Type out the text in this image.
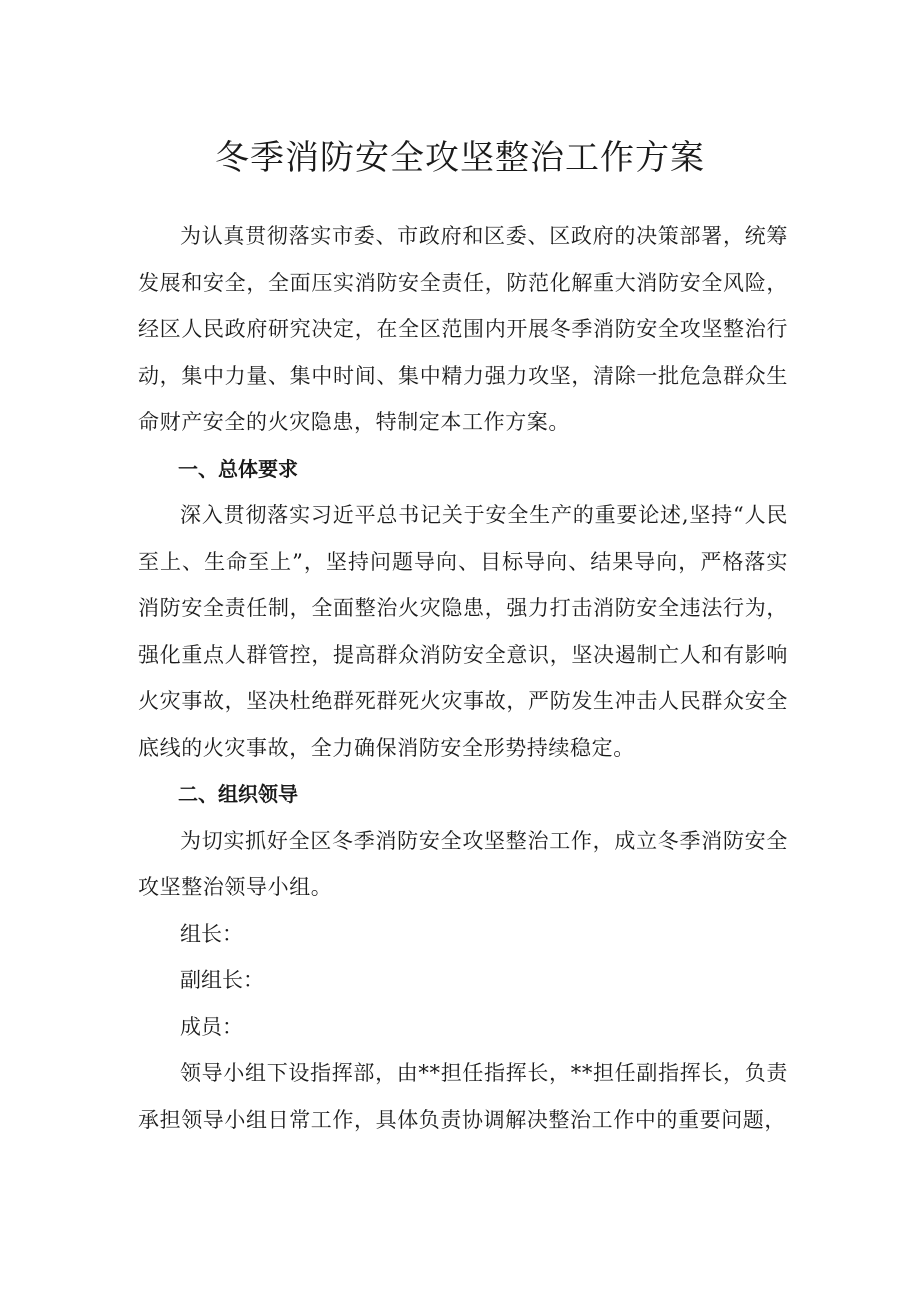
冬季消防安全攻坚整治工作方案

为认真贯彻落实市委、市政府和区委、区政府的决策部署，统筹发展和安全，全面压实消防安全责任，防范化解重大消防安全风险，经区人民政府研究决定，在全区范围内开展冬季消防安全攻坚整治行动，集中力量、集中时间、集中精力强力攻坚，清除一批危急群众生命财产安全的火灾隐患，特制定本工作方案。

一、总体要求

深入贯彻落实习近平总书记关于安全生产的重要论述,坚持“人民至上、生命至上”，坚持问题导向、目标导向、结果导向，严格落实消防安全责任制，全面整治火灾隐患，强力打击消防安全违法行为，强化重点人群管控，提高群众消防安全意识，坚决遏制亡人和有影响火灾事故，坚决杜绝群死群死火灾事故，严防发生冲击人民群众安全底线的火灾事故，全力确保消防安全形势持续稳定。

二、组织领导

为切实抓好全区冬季消防安全攻坚整治工作，成立冬季消防安全攻坚整治领导小组。

组长：

副组长：

成员：

领导小组下设指挥部，由**担任指挥长，**担任副指挥长，负责承担领导小组日常工作，具体负责协调解决整治工作中的重要问题，
